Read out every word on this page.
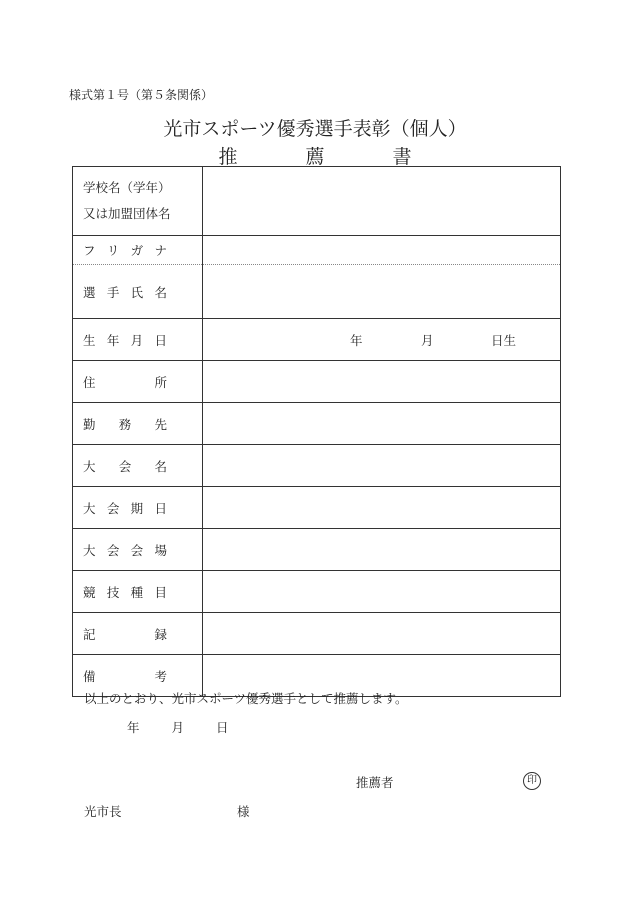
様式第１号（第５条関係）
光市スポーツ優秀選手表彰（個人）
推	薦	書
学校名（学年）
又は加盟団体名	

フ リ ガ ナ	

選 手 氏 名	

生 年 月 日	年 月 日生

住 所	

勤 務 先	

大 会 名	

大 会 期 日	

大 会 会 場	

競 技 種 目	

記 録	

備 考	

以上のとおり、光市スポーツ優秀選手として推薦します。
年	月	日
推薦者	印
光市長	様
